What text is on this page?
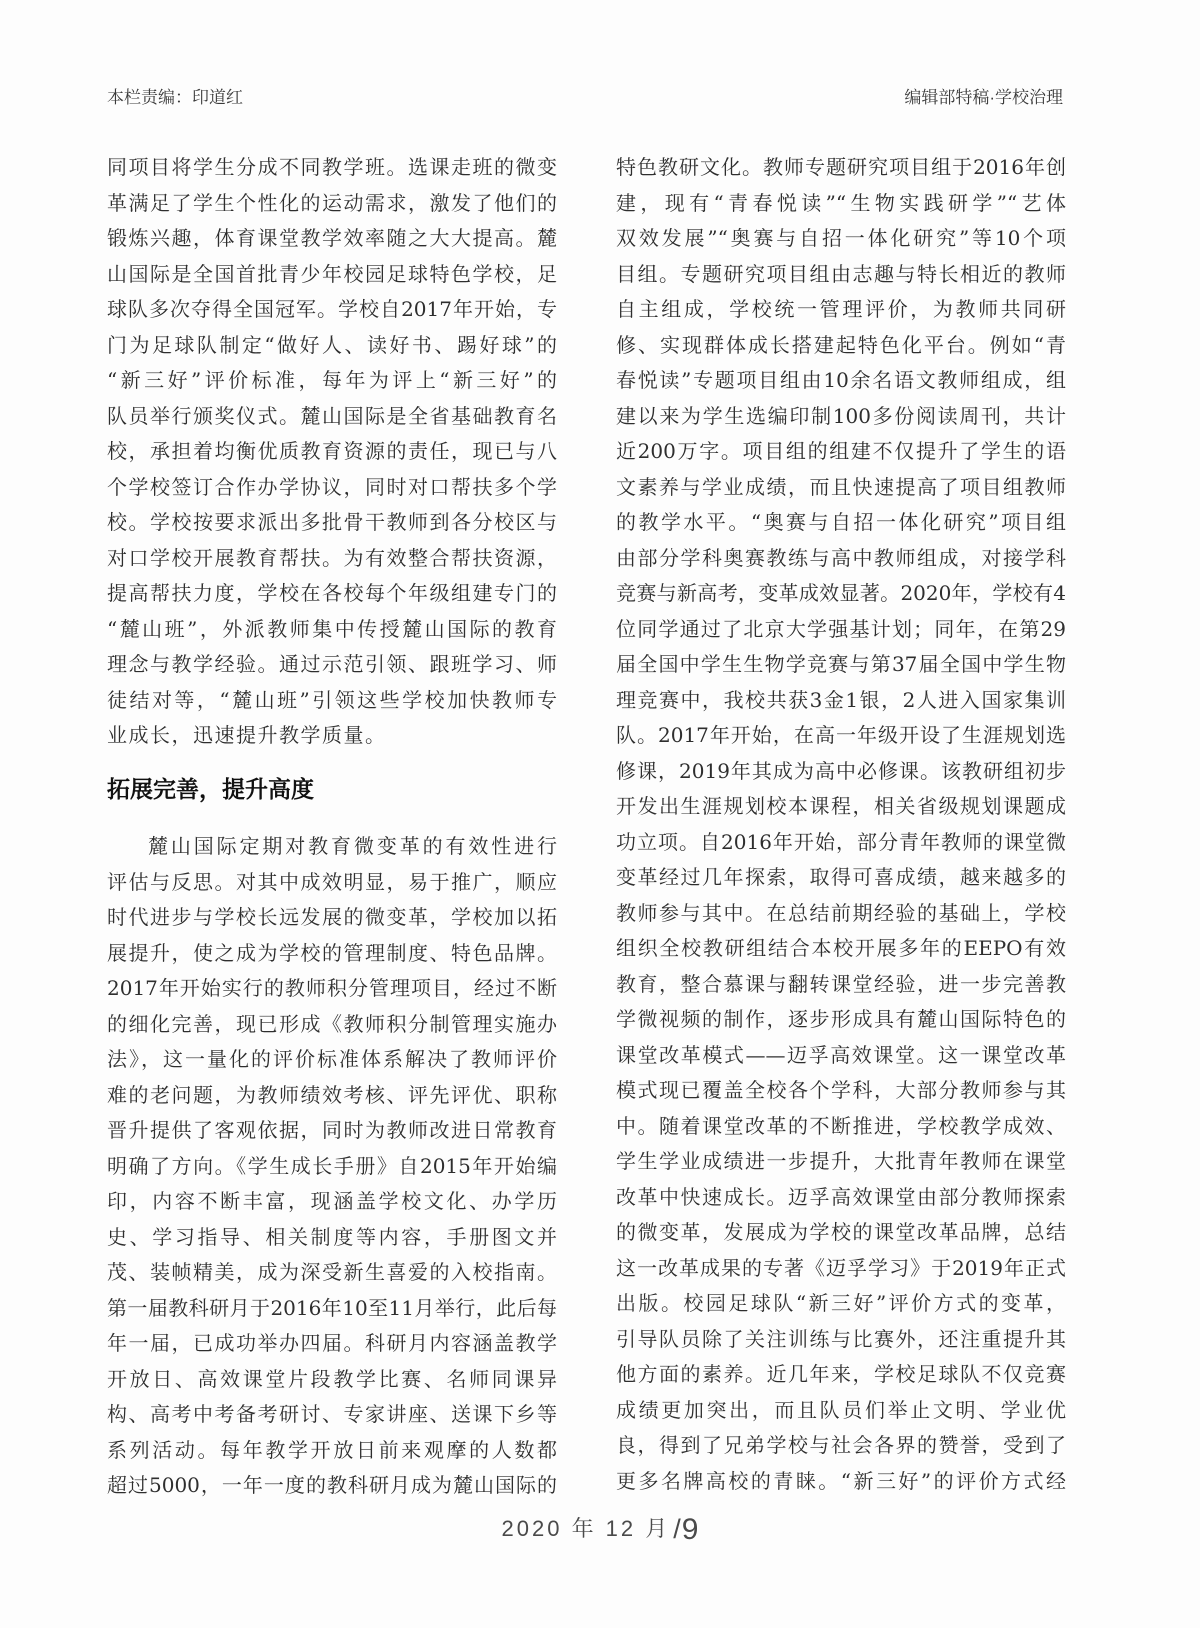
本栏责编：印道红	编辑部特稿·学校治理
同项目将学生分成不同教学班。选课走班的微变
革满足了学生个性化的运动需求，激发了他们的
锻炼兴趣，体育课堂教学效率随之大大提高。麓
山国际是全国首批青少年校园足球特色学校，足
球队多次夺得全国冠军。学校自2017年开始，专
门为足球队制定“做好人、读好书、踢好球”的
“新三好”评价标准，每年为评上“新三好”的
队员举行颁奖仪式。麓山国际是全省基础教育名
校，承担着均衡优质教育资源的责任，现已与八
个学校签订合作办学协议，同时对口帮扶多个学
校。学校按要求派出多批骨干教师到各分校区与
对口学校开展教育帮扶。为有效整合帮扶资源，
提高帮扶力度，学校在各校每个年级组建专门的
“麓山班”，外派教师集中传授麓山国际的教育
理念与教学经验。通过示范引领、跟班学习、师
徒结对等，“麓山班”引领这些学校加快教师专
业成长，迅速提升教学质量。
拓展完善，提升高度
麓山国际定期对教育微变革的有效性进行
评估与反思。对其中成效明显，易于推广，顺应
时代进步与学校长远发展的微变革，学校加以拓
展提升，使之成为学校的管理制度、特色品牌。
2017年开始实行的教师积分管理项目，经过不断
的细化完善，现已形成《教师积分制管理实施办
法》，这一量化的评价标准体系解决了教师评价
难的老问题，为教师绩效考核、评先评优、职称
晋升提供了客观依据，同时为教师改进日常教育
明确了方向。《学生成长手册》自2015年开始编
印，内容不断丰富，现涵盖学校文化、办学历
史、学习指导、相关制度等内容，手册图文并
茂、装帧精美，成为深受新生喜爱的入校指南。
第一届教科研月于2016年10至11月举行，此后每
年一届，已成功举办四届。科研月内容涵盖教学
开放日、高效课堂片段教学比赛、名师同课异
构、高考中考备考研讨、专家讲座、送课下乡等
系列活动。每年教学开放日前来观摩的人数都
超过5000，一年一度的教科研月成为麓山国际的
特色教研文化。教师专题研究项目组于2016年创
建，现有“青春悦读”“生物实践研学”“艺体
双效发展”“奥赛与自招一体化研究”等10个项
目组。专题研究项目组由志趣与特长相近的教师
自主组成，学校统一管理评价，为教师共同研
修、实现群体成长搭建起特色化平台。例如“青
春悦读”专题项目组由10余名语文教师组成，组
建以来为学生选编印制100多份阅读周刊，共计
近200万字。项目组的组建不仅提升了学生的语
文素养与学业成绩，而且快速提高了项目组教师
的教学水平。“奥赛与自招一体化研究”项目组
由部分学科奥赛教练与高中教师组成，对接学科
竞赛与新高考，变革成效显著。2020年，学校有4
位同学通过了北京大学强基计划；同年，在第29
届全国中学生生物学竞赛与第37届全国中学生物
理竞赛中，我校共获3金1银，2人进入国家集训
队。2017年开始，在高一年级开设了生涯规划选
修课，2019年其成为高中必修课。该教研组初步
开发出生涯规划校本课程，相关省级规划课题成
功立项。自2016年开始，部分青年教师的课堂微
变革经过几年探索，取得可喜成绩，越来越多的
教师参与其中。在总结前期经验的基础上，学校
组织全校教研组结合本校开展多年的EEPO有效
教育，整合慕课与翻转课堂经验，进一步完善教
学微视频的制作，逐步形成具有麓山国际特色的
课堂改革模式——迈孚高效课堂。这一课堂改革
模式现已覆盖全校各个学科，大部分教师参与其
中。随着课堂改革的不断推进，学校教学成效、
学生学业成绩进一步提升，大批青年教师在课堂
改革中快速成长。迈孚高效课堂由部分教师探索
的微变革，发展成为学校的课堂改革品牌，总结
这一改革成果的专著《迈孚学习》于2019年正式
出版。校园足球队“新三好”评价方式的变革，
引导队员除了关注训练与比赛外，还注重提升其
他方面的素养。近几年来，学校足球队不仅竞赛
成绩更加突出，而且队员们举止文明、学业优
良，得到了兄弟学校与社会各界的赞誉，受到了
更多名牌高校的青睐。“新三好”的评价方式经
2020 年 12 月 /9
